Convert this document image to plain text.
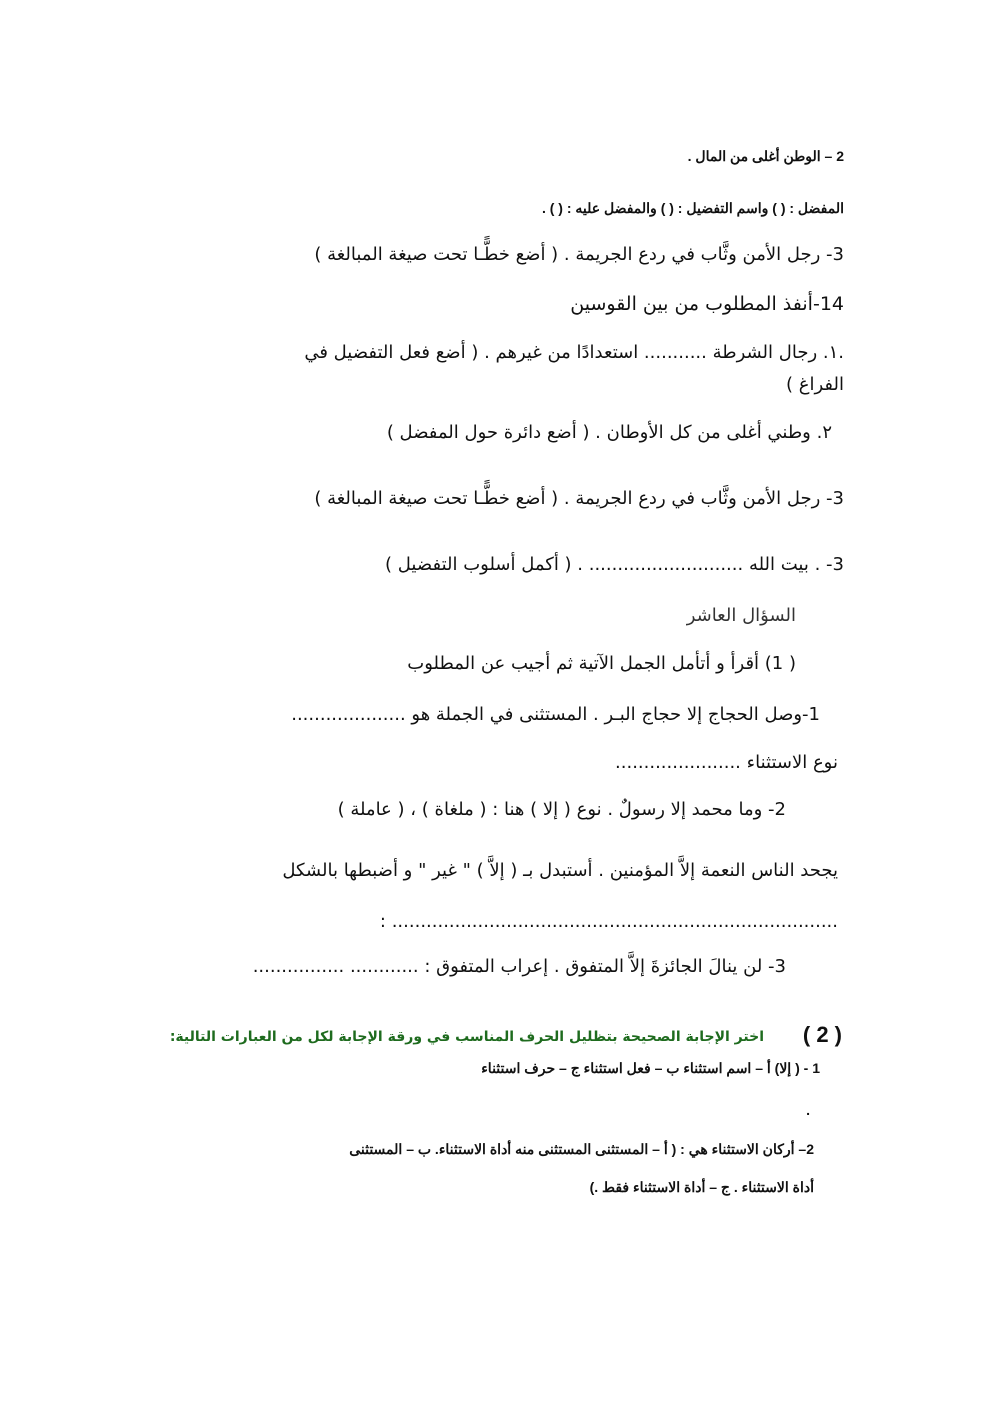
2 – الوطن أغلى من المال .
المفضل : ( ) واسم التفضيل : ( ) والمفضل عليه : ( ) .
3- رجل الأمن وثَّاب في ردع الجريمة . ( أضع خطًّـا تحت صيغة المبالغة )
14-أنفذ المطلوب من بين القوسين
.١. رجال الشرطة ........... استعدادًا من غيرهم . ( أضع فعل التفضيل في
الفراغ )
٢. وطني أغلى من كل الأوطان . ( أضع دائرة حول المفضل )
3- رجل الأمن وثَّاب في ردع الجريمة . ( أضع خطًّـا تحت صيغة المبالغة )
3- . بيت الله ........................... . ( أكمل أسلوب التفضيل )
السؤال العاشر
( 1) أقرأ و أتأمل الجمل الآتية ثم أجيب عن المطلوب
1-وصل الحجاج إلا حجاج البـر . المستثنى في الجملة هو ....................
نوع الاستثناء ......................
2- وما محمد إلا رسولٌ . نوع ( إلا ) هنا : ( ملغاة ) ، ( عاملة )
يجحد الناس النعمة إلاَّ المؤمنين . أستبدل بـ ( إلاَّ ) " غير " و أضبطها بالشكل
: ..............................................................................
3- لن ينالَ الجائزةَ إلاَّ المتفوق . إعراب المتفوق : ............ ................
( 2 )
اختر الإجابة الصحيحة بتظليل الحرف المناسب في ورقة الإجابة لكل من العبارات التالية:
1 - ( إلا) أ – اسم استثناء ب – فعل استثناء ج – حرف استثناء
.
2– أركان الاستثناء هي : ( أ – المستثنى المستثنى منه أداة الاستثناء. ب – المستثنى
أداة الاستثناء . ج – أداة الاستثناء فقط .)
